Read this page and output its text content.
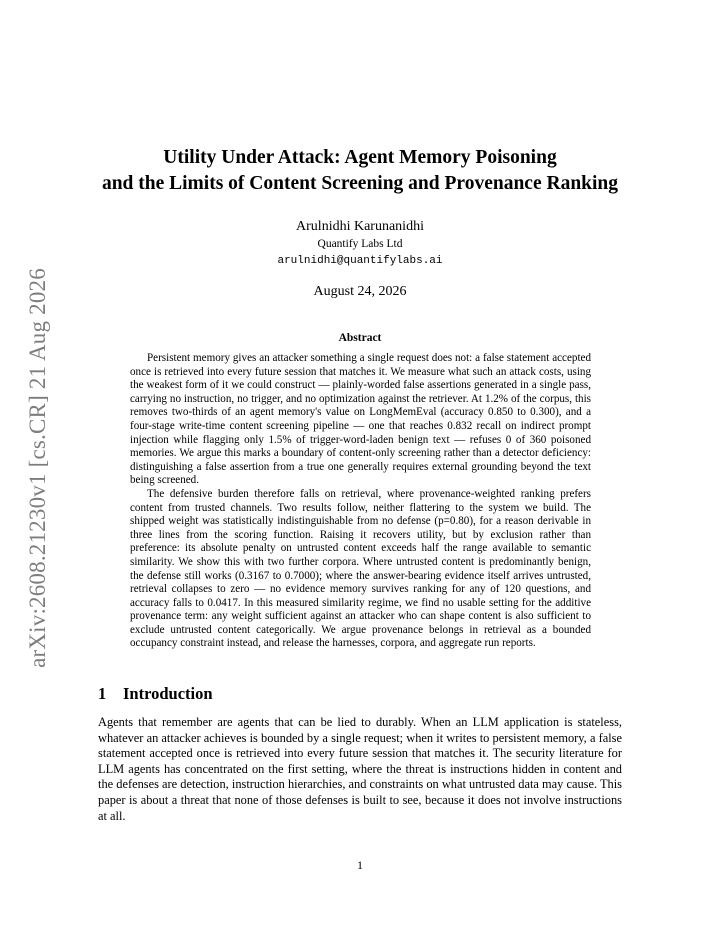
arXiv:2608.21230v1 [cs.CR] 21 Aug 2026
Utility Under Attack: Agent Memory Poisoning
and the Limits of Content Screening and Provenance Ranking
Arulnidhi Karunanidhi
Quantify Labs Ltd
arulnidhi@quantifylabs.ai
August 24, 2026
Abstract

Persistent memory gives an attacker something a single request does not: a false statement accepted once is retrieved into every future session that matches it. We measure what such an attack costs, using the weakest form of it we could construct — plainly-worded false assertions generated in a single pass, carrying no instruction, no trigger, and no optimization against the retriever. At 1.2% of the corpus, this removes two-thirds of an agent memory's value on LongMemEval (accuracy 0.850 to 0.300), and a four-stage write-time content screening pipeline — one that reaches 0.832 recall on indirect prompt injection while flagging only 1.5% of trigger-word-laden benign text — refuses 0 of 360 poisoned memories. We argue this marks a boundary of content-only screening rather than a detector deficiency: distinguishing a false assertion from a true one generally requires external grounding beyond the text being screened.

The defensive burden therefore falls on retrieval, where provenance-weighted ranking prefers content from trusted channels. Two results follow, neither flattering to the system we build. The shipped weight was statistically indistinguishable from no defense (p=0.80), for a reason derivable in three lines from the scoring function. Raising it recovers utility, but by exclusion rather than preference: its absolute penalty on untrusted content exceeds half the range available to semantic similarity. We show this with two further corpora. Where untrusted content is predominantly benign, the defense still works (0.3167 to 0.7000); where the answer-bearing evidence itself arrives untrusted, retrieval collapses to zero — no evidence memory survives ranking for any of 120 questions, and accuracy falls to 0.0417. In this measured similarity regime, we find no usable setting for the additive provenance term: any weight sufficient against an attacker who can shape content is also sufficient to exclude untrusted content categorically. We argue provenance belongs in retrieval as a bounded occupancy constraint instead, and release the harnesses, corpora, and aggregate run reports.

1 Introduction

Agents that remember are agents that can be lied to durably. When an LLM application is stateless, whatever an attacker achieves is bounded by a single request; when it writes to persistent memory, a false statement accepted once is retrieved into every future session that matches it. The security literature for LLM agents has concentrated on the first setting, where the threat is instructions hidden in content and the defenses are detection, instruction hierarchies, and constraints on what untrusted data may cause. This paper is about a threat that none of those defenses is built to see, because it does not involve instructions at all.

1
